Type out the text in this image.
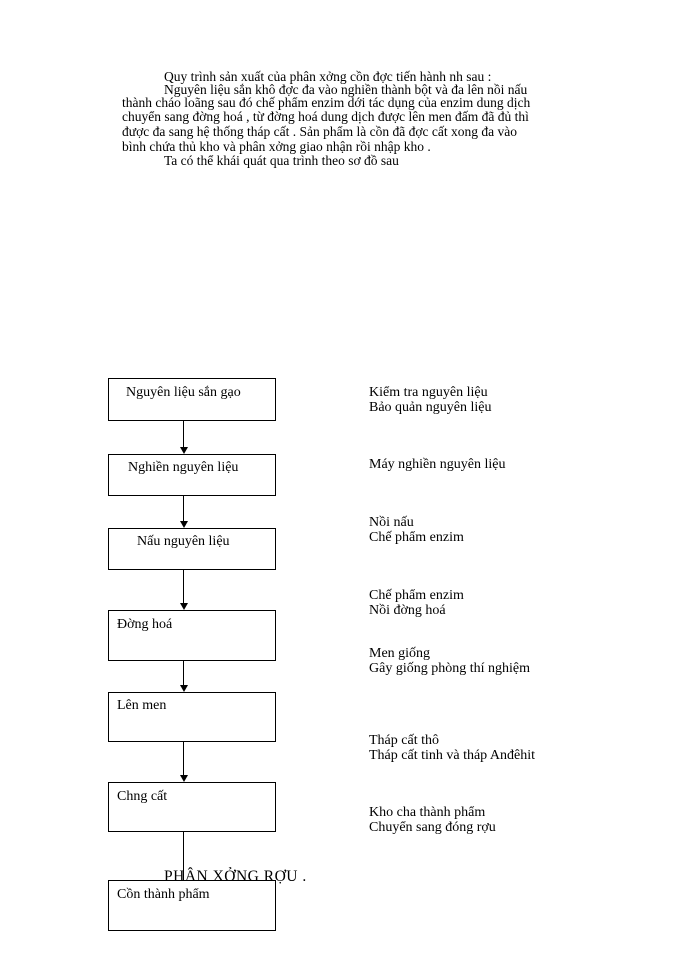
Quy trình sản xuất của phân xởng cồn đợc tiến hành nh sau :
Nguyên liệu sắn khô đợc đa vào nghiền thành bột và đa lên nồi nấu
thành cháo loãng sau đó chế phẩm enzim dới tác dụng của enzim dung dịch
chuyển sang đờng hoá , từ đờng hoá dung dịch được lên men đấm đã đủ thì
được đa sang hệ thống tháp cất . Sản phẩm là cồn đã đợc cất xong đa vào
bình chứa thủ kho và phân xởng giao nhận rồi nhập kho .
Ta có thể khái quát qua trình theo sơ đồ sau
Nguyên liệu sắn gạo
Nghiền nguyên liệu
Nấu nguyên liệu
Đờng hoá
Lên men
Chng cất
Cồn thành phẩm
Kiểm tra nguyên liệu
Bảo quản nguyên liệu
Máy nghiền nguyên liệu
Nồi nấu
Chế phẩm enzim
Chế phẩm enzim
Nồi đờng hoá
Men giống
Gây giống phòng thí nghiệm
Tháp cất thô
Tháp cất tinh và tháp Anđêhit
Kho cha thành phẩm
Chuyển sang đóng rợu
PHÂN XỞNG RỢU .
